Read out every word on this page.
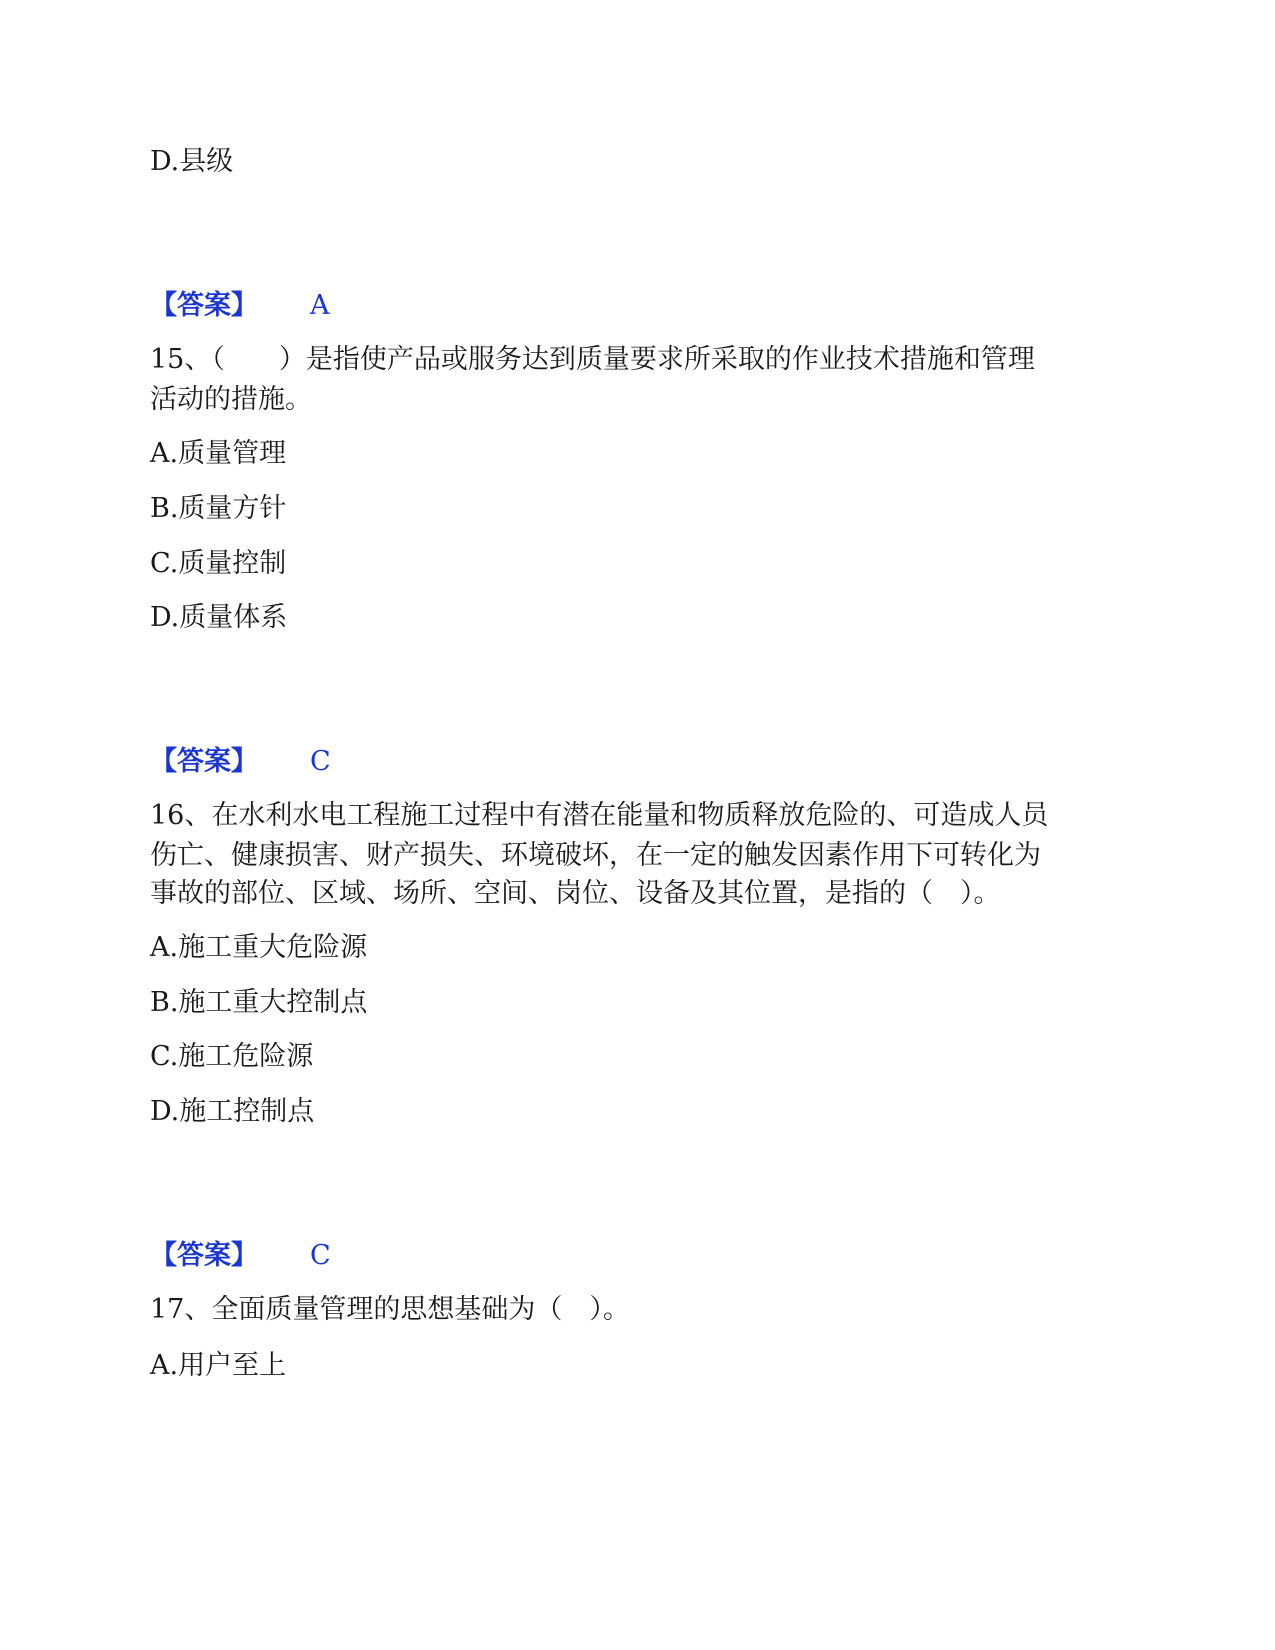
D.县级
【答案】 A
15、（　　）是指使产品或服务达到质量要求所采取的作业技术措施和管理
活动的措施。
A.质量管理
B.质量方针
C.质量控制
D.质量体系
【答案】 C
16、在水利水电工程施工过程中有潜在能量和物质释放危险的、可造成人员
伤亡、健康损害、财产损失、环境破坏，在一定的触发因素作用下可转化为
事故的部位、区域、场所、空间、岗位、设备及其位置，是指的（　）。
A.施工重大危险源
B.施工重大控制点
C.施工危险源
D.施工控制点
【答案】 C
17、全面质量管理的思想基础为（　）。
A.用户至上
